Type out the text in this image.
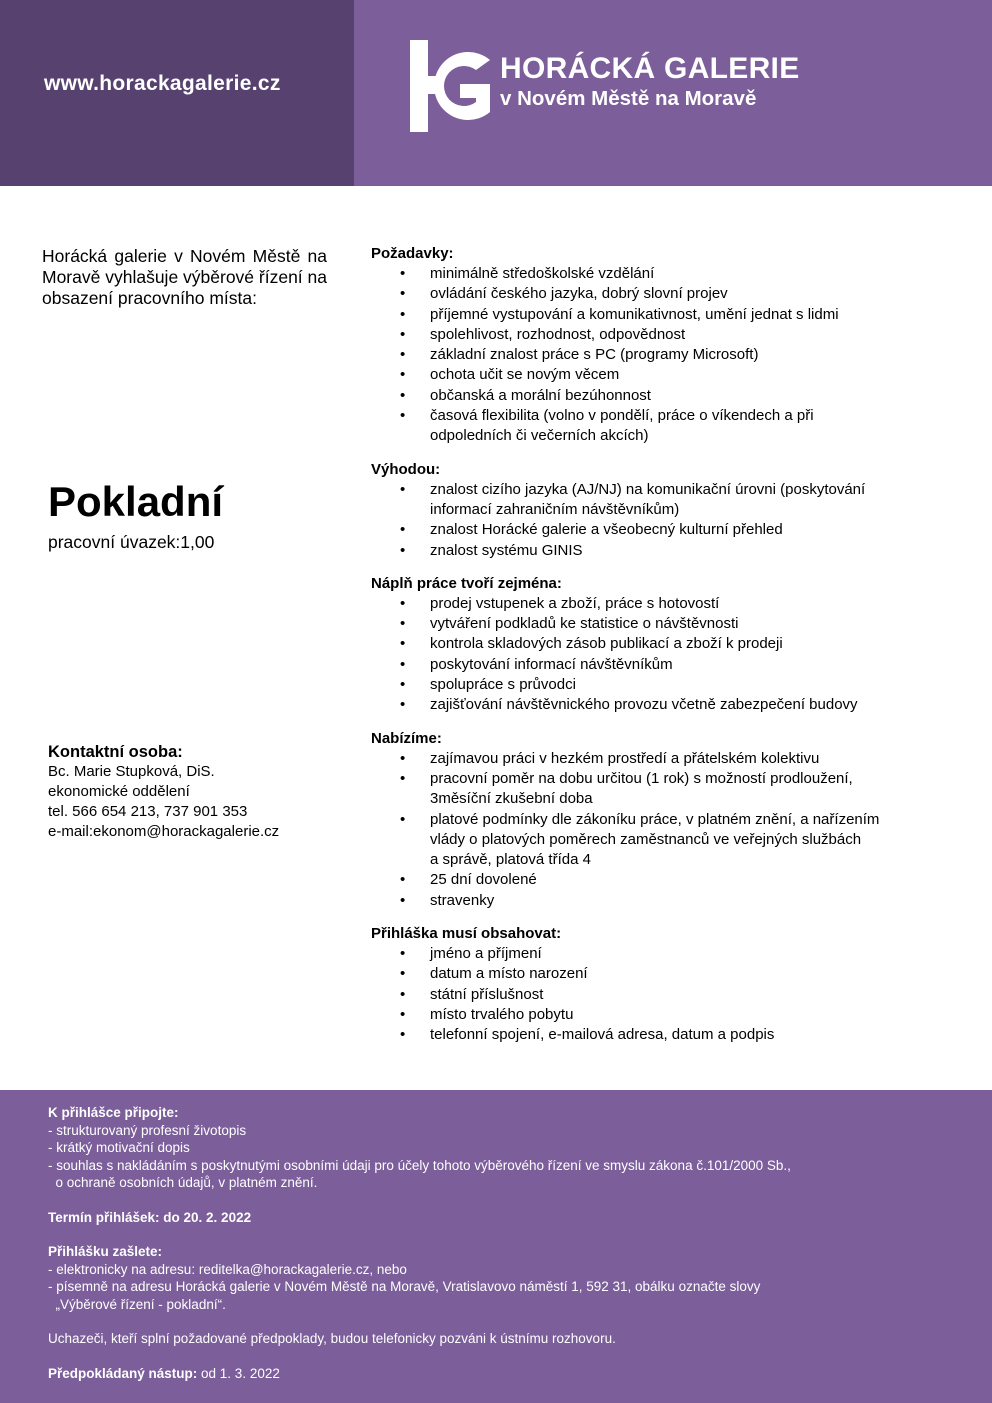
www.horackagalerie.cz	HORÁCKÁ GALERIE
v Novém Městě na Moravě
Horácká galerie v Novém Městě na Moravě vyhlašuje výběrové řízení na obsazení pracovního místa:
Pokladní
pracovní úvazek:1,00
Kontaktní osoba:
Bc. Marie Stupková, DiS.
ekonomické oddělení
tel. 566 654 213, 737 901 353
e-mail:ekonom@horackagalerie.cz
Požadavky:
• minimálně středoškolské vzdělání
• ovládání českého jazyka, dobrý slovní projev
• příjemné vystupování a komunikativnost, umění jednat s lidmi
• spolehlivost, rozhodnost, odpovědnost
• základní znalost práce s PC (programy Microsoft)
• ochota učit se novým věcem
• občanská a morální bezúhonnost
• časová flexibilita (volno v pondělí, práce o víkendech a při
odpoledních či večerních akcích)
Výhodou:
• znalost cizího jazyka (AJ/NJ) na komunikační úrovni (poskytování
informací zahraničním návštěvníkům)
• znalost Horácké galerie a všeobecný kulturní přehled
• znalost systému GINIS
Náplň práce tvoří zejména:
• prodej vstupenek a zboží, práce s hotovostí
• vytváření podkladů ke statistice o návštěvnosti
• kontrola skladových zásob publikací a zboží k prodeji
• poskytování informací návštěvníkům
• spolupráce s průvodci
• zajišťování návštěvnického provozu včetně zabezpečení budovy
Nabízíme:
• zajímavou práci v hezkém prostředí a přátelském kolektivu
• pracovní poměr na dobu určitou (1 rok) s možností prodloužení,
3měsíční zkušební doba
• platové podmínky dle zákoníku práce, v platném znění, a nařízením
vlády o platových poměrech zaměstnanců ve veřejných službách
a správě, platová třída 4
• 25 dní dovolené
• stravenky
Přihláška musí obsahovat:
• jméno a příjmení
• datum a místo narození
• státní příslušnost
• místo trvalého pobytu
• telefonní spojení, e-mailová adresa, datum a podpis
K přihlášce připojte:
- strukturovaný profesní životopis
- krátký motivační dopis
- souhlas s nakládáním s poskytnutými osobními údaji pro účely tohoto výběrového řízení ve smyslu zákona č.101/2000 Sb.,
o ochraně osobních údajů, v platném znění.
Termín přihlášek: do 20. 2. 2022
Přihlášku zašlete:
- elektronicky na adresu: reditelka@horackagalerie.cz, nebo
- písemně na adresu Horácká galerie v Novém Městě na Moravě, Vratislavovo náměstí 1, 592 31, obálku označte slovy
„Výběrové řízení - pokladní“.
Uchazeči, kteří splní požadované předpoklady, budou telefonicky pozváni k ústnímu rozhovoru.
Předpokládaný nástup: od 1. 3. 2022
